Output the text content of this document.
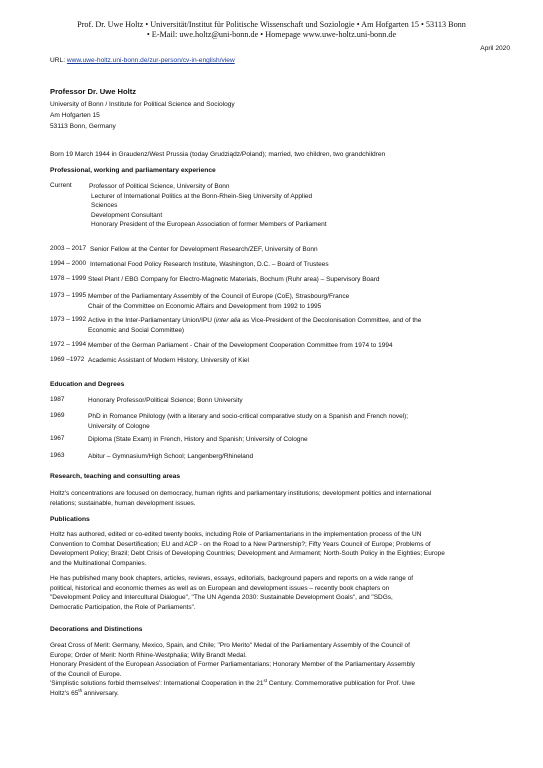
Prof. Dr. Uwe Holtz • Universität/Institut für Politische Wissenschaft und Soziologie • Am Hofgarten 15 • 53113 Bonn
• E-Mail: uwe.holtz@uni-bonn.de • Homepage www.uwe-holtz.uni-bonn.de
April 2020
URL: www.uwe-holtz.uni-bonn.de/zur-person/cv-in-english/view
Professor Dr. Uwe Holtz
University of Bonn / Institute for Political Science and Sociology
Am Hofgarten 15
53113 Bonn, Germany
Born 19 March 1944 in Graudenz/West Prussia (today Grudziądz/Poland); married, two children, two grandchildren
Professional, working and parliamentary experience
Current	Professor of Political Science, University of Bonn
Lecturer of International Politics at the Bonn-Rhein-Sieg University of Applied
Sciences
Development Consultant
Honorary President of the European Association of former Members of Parliament
2003 – 2017 Senior Fellow at the Center for Development Research/ZEF, University of Bonn
1994 – 2000 International Food Policy Research Institute, Washington, D.C. – Board of Trustees
1978 – 1999 Steel Plant / EBG Company for Electro-Magnetic Materials, Bochum (Ruhr area) – Supervisory Board
1973 – 1995 Member of the Parliamentary Assembly of the Council of Europe (CoE), Strasbourg/France
Chair of the Committee on Economic Affairs and Development from 1992 to 1995
1973 – 1992 Active in the Inter-Parliamentary Union/IPU (inter alia as Vice-President of the Decolonisation Committee, and of the
Economic and Social Committee)
1972 – 1994 Member of the German Parliament - Chair of the Development Cooperation Committee from 1974 to 1994
1969 –1972 Academic Assistant of Modern History, University of Kiel
Education and Degrees
1987	Honorary Professor/Political Science; Bonn University
1969	PhD in Romance Philology (with a literary and socio-critical comparative study on a Spanish and French novel);
University of Cologne
1967	Diploma (State Exam) in French, History and Spanish; University of Cologne
1963	Abitur – Gymnasium/High School; Langenberg/Rhineland
Research, teaching and consulting areas
Holtz's concentrations are focused on democracy, human rights and parliamentary institutions; development politics and international
relations; sustainable, human development issues.
Publications
Holtz has authored, edited or co-edited twenty books, including Role of Parliamentarians in the implementation process of the UN
Convention to Combat Desertification; EU and ACP - on the Road to a New Partnership?; Fifty Years Council of Europe; Problems of
Development Policy; Brazil; Debt Crisis of Developing Countries; Development and Armament; North-South Policy in the Eighties; Europe
and the Multinational Companies.
He has published many book chapters, articles, reviews, essays, editorials, background papers and reports on a wide range of
political, historical and economic themes as well as on European and development issues – recently book chapters on
"Development Policy and Intercultural Dialogue", "The UN Agenda 2030: Sustainable Development Goals", and "SDGs,
Democratic Participation, the Role of Parliaments".
Decorations and Distinctions
Great Cross of Merit: Germany, Mexico, Spain, and Chile; "Pro Merito" Medal of the Parliamentary Assembly of the Council of
Europe; Order of Merit: North Rhine-Westphalia; Willy Brandt Medal.
Honorary President of the European Association of Former Parliamentarians; Honorary Member of the Parliamentary Assembly
of the Council of Europe.
'Simplistic solutions forbid themselves': International Cooperation in the 21st Century. Commemorative publication for Prof. Uwe
Holtz's 65th anniversary.
